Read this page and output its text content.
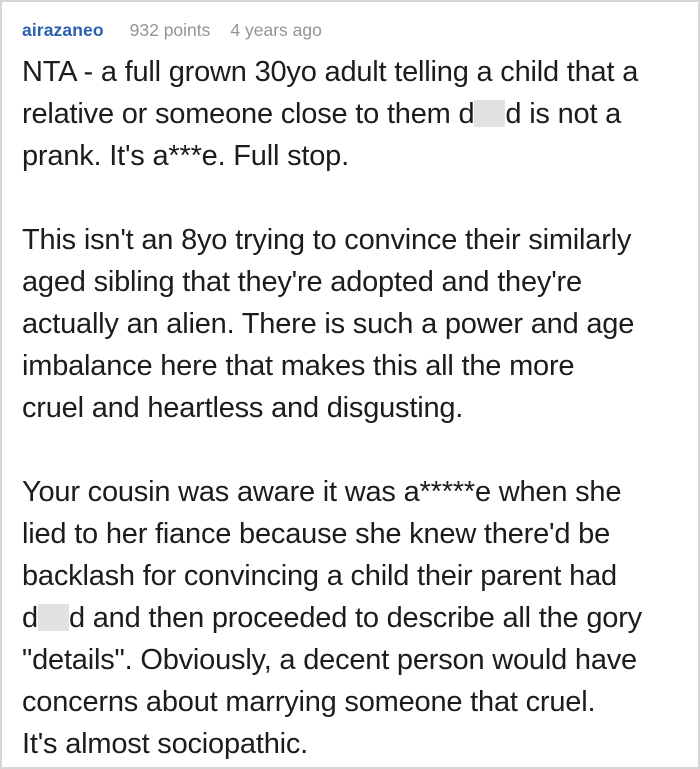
airazaneo 932 points 4 years ago
NTA - a full grown 30yo adult telling a child that a
relative or someone close to them d d is not a
prank. It's a***e. Full stop.
This isn't an 8yo trying to convince their similarly
aged sibling that they're adopted and they're
actually an alien. There is such a power and age
imbalance here that makes this all the more
cruel and heartless and disgusting.
Your cousin was aware it was a*****e when she
lied to her fiance because she knew there'd be
backlash for convincing a child their parent had
d d and then proceeded to describe all the gory
"details". Obviously, a decent person would have
concerns about marrying someone that cruel.
It's almost sociopathic.
